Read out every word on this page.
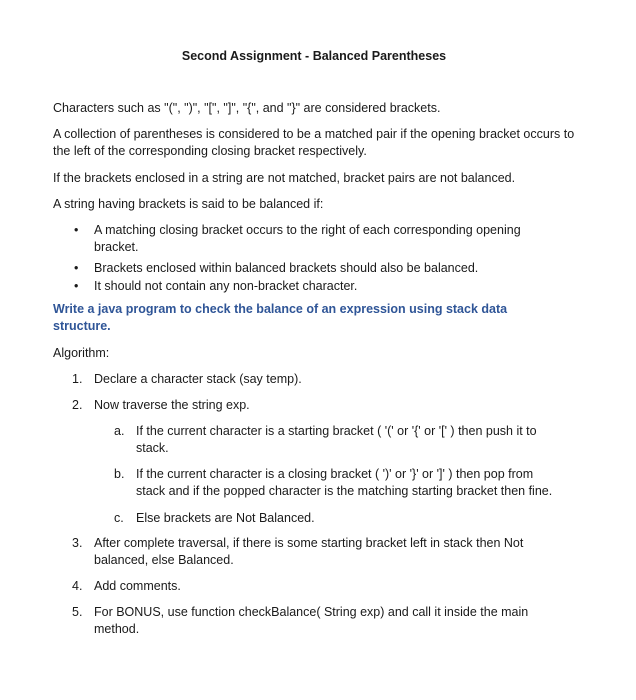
Second Assignment - Balanced Parentheses
Characters such as "(", ")", "[", "]", "{", and "}" are considered brackets.
A collection of parentheses is considered to be a matched pair if the opening bracket occurs to the left of the corresponding closing bracket respectively.
If the brackets enclosed in a string are not matched, bracket pairs are not balanced.
A string having brackets is said to be balanced if:
• A matching closing bracket occurs to the right of each corresponding opening bracket.
• Brackets enclosed within balanced brackets should also be balanced.
• It should not contain any non-bracket character.
Write a java program to check the balance of an expression using stack data structure.
Algorithm:
1. Declare a character stack (say temp).
2. Now traverse the string exp.
a. If the current character is a starting bracket ( '(' or '{' or '[' ) then push it to stack.
b. If the current character is a closing bracket ( ')' or '}' or ']' ) then pop from stack and if the popped character is the matching starting bracket then fine.
c. Else brackets are Not Balanced.
3. After complete traversal, if there is some starting bracket left in stack then Not balanced, else Balanced.
4. Add comments.
5. For BONUS, use function checkBalance( String exp) and call it inside the main method.
